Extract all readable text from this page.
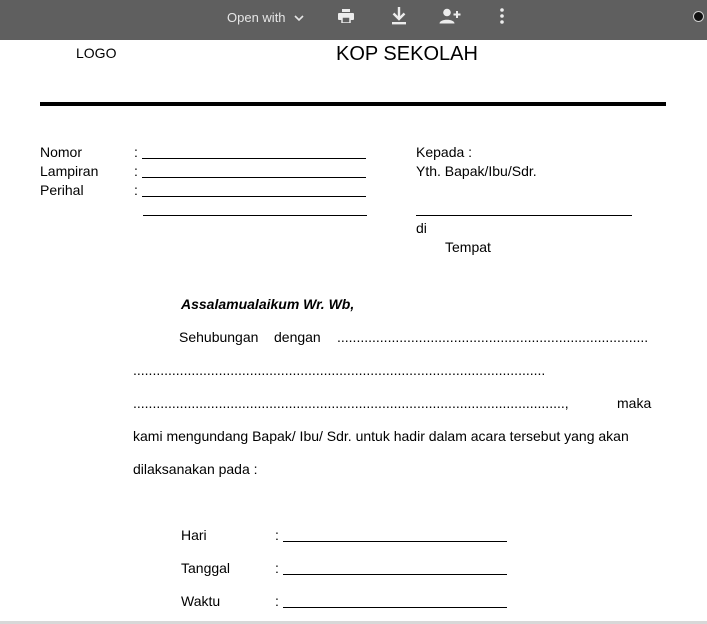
Open with
LOGO	KOP SEKOLAH
Nomor	:
Lampiran	:
Perihal	:
Kepada :
Yth. Bapak/Ibu/Sdr.
di
Tempat
Assalamualaikum Wr. Wb,
Sehubungan dengan ................................................................................
..........................................................................................................
...............................................................................................................,	maka
kami mengundang Bapak/ Ibu/ Sdr. untuk hadir dalam acara tersebut yang akan
dilaksanakan pada :
Hari	:
Tanggal	:
Waktu	:
